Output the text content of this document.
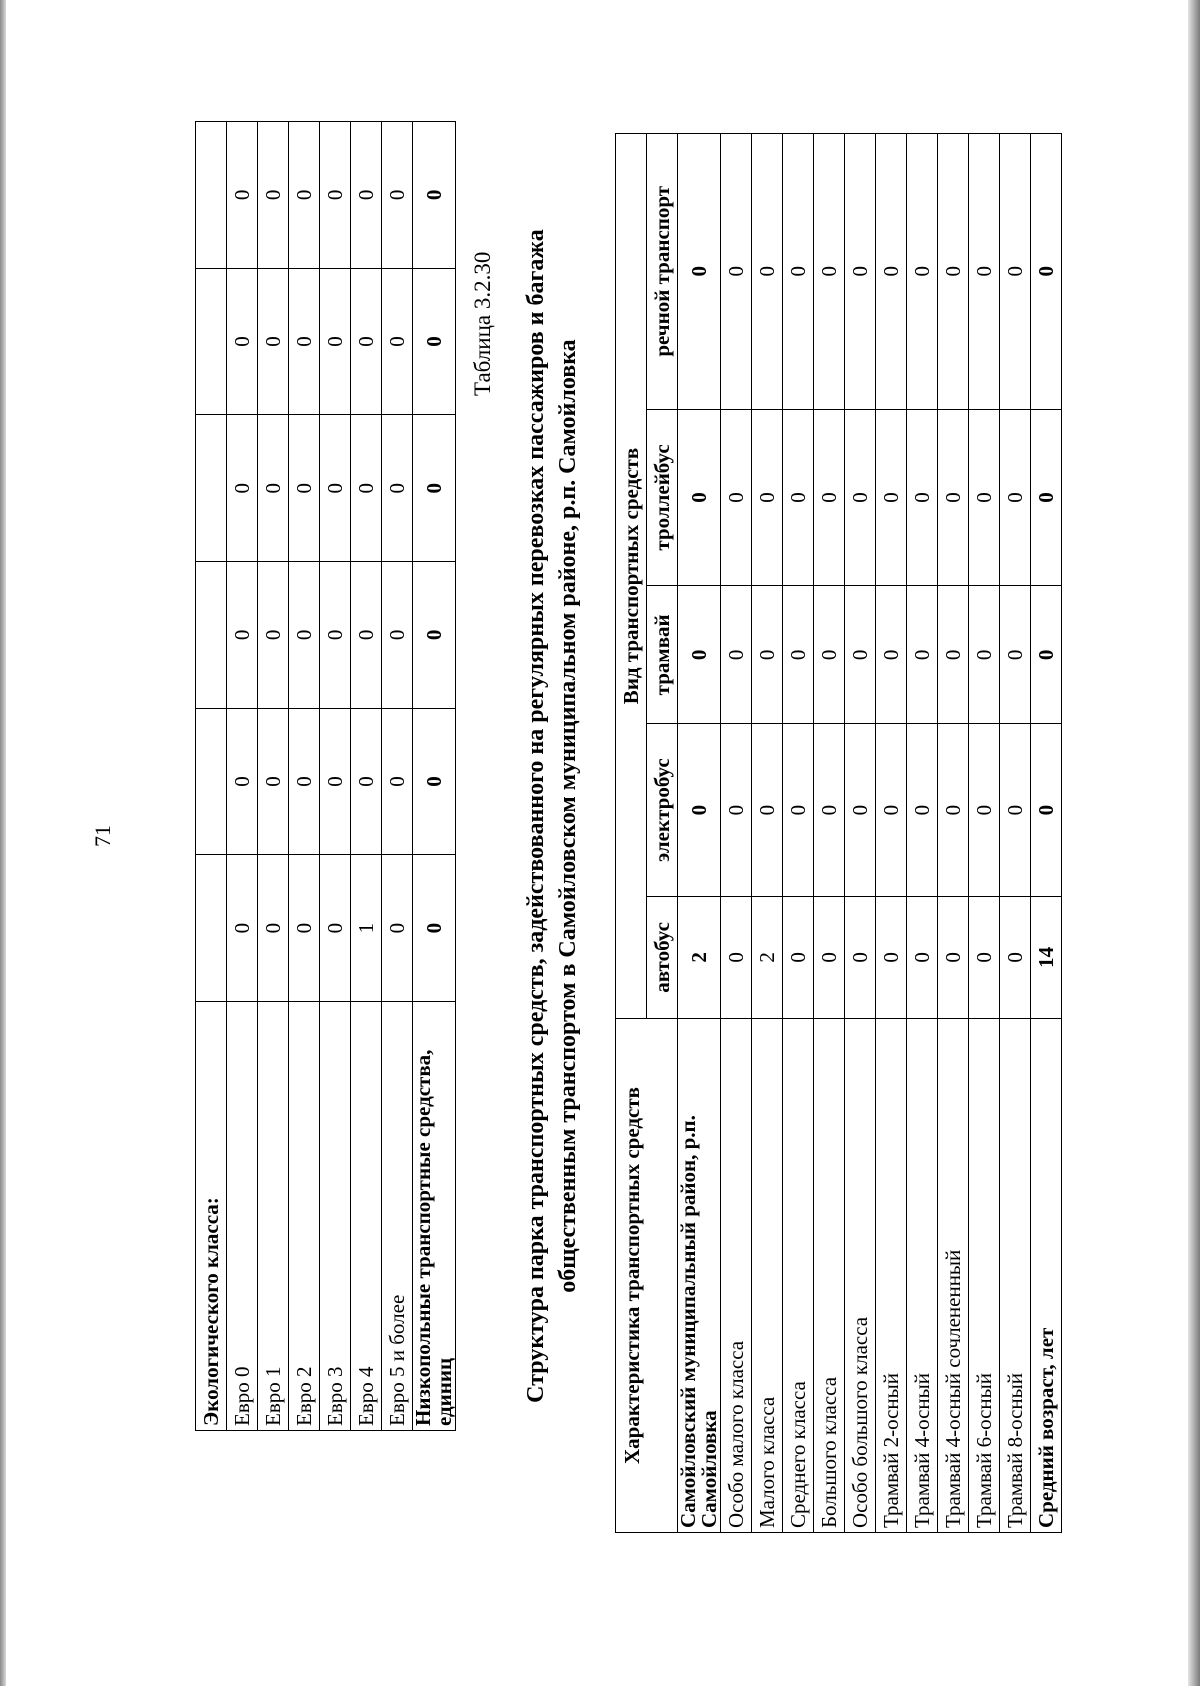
71
Экологического класса:						
Евро 0	0	0	0	0	0	0
Евро 1	0	0	0	0	0	0
Евро 2	0	0	0	0	0	0
Евро 3	0	0	0	0	0	0
Евро 4	1	0	0	0	0	0
Евро 5 и более	0	0	0	0	0	0
Низкопольные транспортные средства, единиц	0	0	0	0	0	0
Таблица 3.2.30 Структура парка транспортных средств, задействованного на регулярных перевозках пассажиров и багажа общественным транспортом в Самойловском муниципальном районе, р.п. Самойловка Характеристика транспортных средств	Вид транспортных средств				
	автобус	электробус	трамвай	троллейбус	речной транспорт
Самойловский муниципальный район, р.п. Самойловка	2	0	0	0	0
Особо малого класса	0	0	0	0	0
Малого класса	2	0	0	0	0
Среднего класса	0	0	0	0	0
Большого класса	0	0	0	0	0
Особо большого класса	0	0	0	0	0
Трамвай 2-осный	0	0	0	0	0
Трамвай 4-осный	0	0	0	0	0
Трамвай 4-осный сочлененный	0	0	0	0	0
Трамвай 6-осный	0	0	0	0	0
Трамвай 8-осный	0	0	0	0	0
Средний возраст, лет	14	0	0	0	0
